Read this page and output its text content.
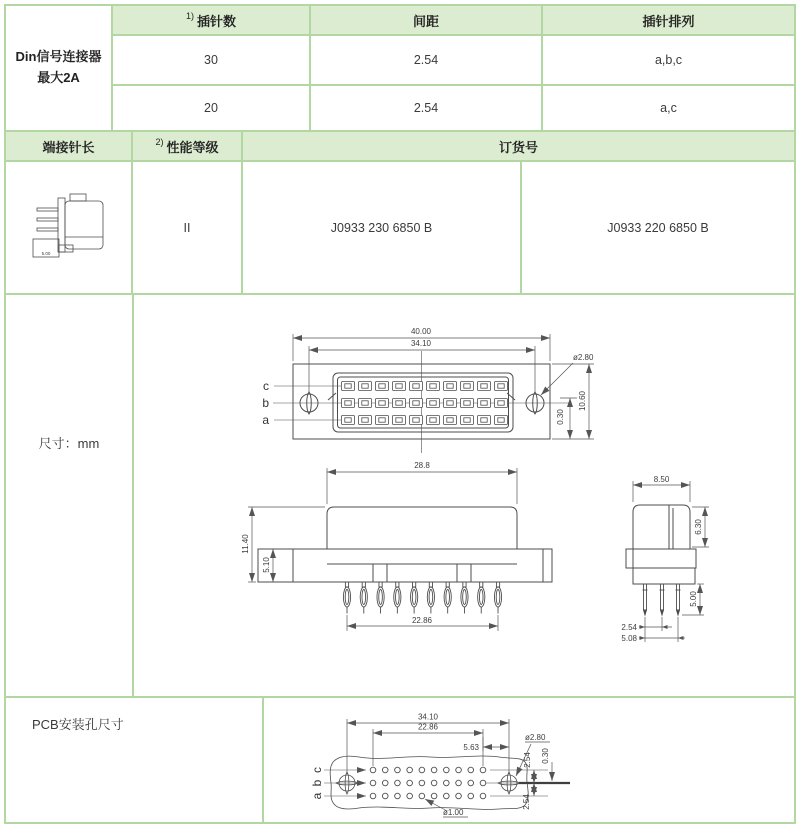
Din信号连接器
最大2A
1) 插针数	间距	插针排列
30	2.54	a,b,c
20	2.54	a,c
端接针长	2) 性能等级	订货号
5.00
II	J0933 230 6850 B	J0933 220 6850 B
尺寸：mm
40.00
34.10
ø2.80
10.60
0.30
c
b
a
28.8
11.40
5.10
22.86
8.50
6.30
5.00
2.54
5.08
PCB安装孔尺寸	34.10
22.86
5.63
ø2.80
2.54 0.30
2.54
ø1.00
c
b
a
